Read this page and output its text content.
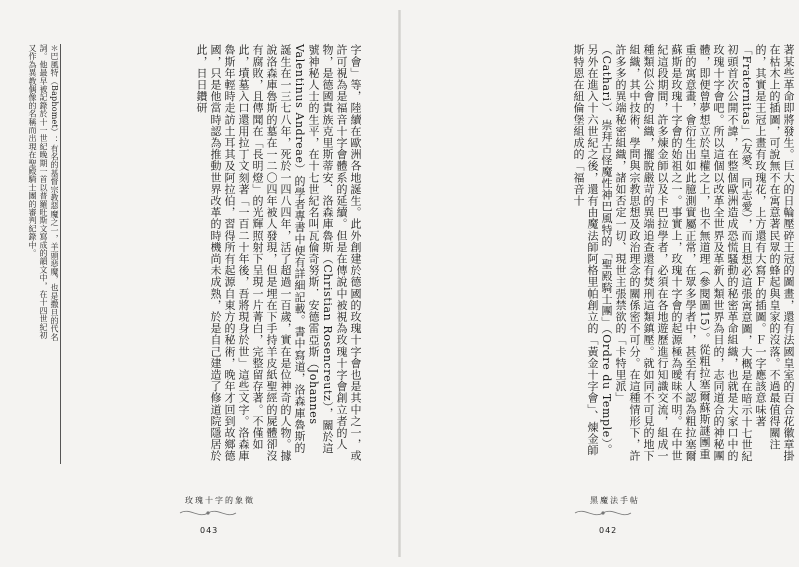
＊巴風特（Baphomet）：有名的基督宗教惡魔之一，羊頭惡魔，也是撒旦的代名詞。他最早被記錄於十一世紀晚期一首以普羅旺斯文寫成的韻文中，在十四世紀初又作為異教偶像的名稱而出現在聖殿騎士團的審判紀錄中。	字會」等，陸續在歐洲各地誕生。此外創建於德國的玫瑰十字會也是其中之一，或許可視為是福音十字會體系的延續。但是在傳說中被視為玫瑰十字會創立者的人物，是德國貴族克里斯蒂安．洛森庫魯斯（Christian Rosencreutz），關於這號神秘人士的生平，在十七世紀名叫瓦倫奇努斯．安德雷亞斯（Johannes Valentinus Andreae）的學者專書中便有詳細記載。書中寫道，洛森庫魯斯的誕生在一三七八年，死於一四八四年，活了超過一百歲，實在是位神奇的人物。據說洛森庫魯斯的墓在一二〇四年被人發現，但是埋在下手持羊皮紙聖經的屍體卻沒有腐敗，且傳聞在「長明燈」的光輝照射下呈現一片菁白，完整留存著。不僅如此，墳墓入口還用拉丁文刻著「一百二十年後，吾將現身於世」這些文字。洛森庫魯斯年輕時走訪土耳其及阿拉伯，習得所有起源自東方的秘術，晚年才回到故鄉德國，只是他當時認為推動世界改革的時機尚未成熟，於是自己建造了修道院隱居於此，日日鑽研
玫瑰十字的象徵
043
著某些革命即將發生。巨大的日輪壓碎王冠的圖畫，還有法國皇室的百合花徽章掛在枯木上的插圖，可說無不在寓意著民眾的蜂起與皇家的沒落。不過最值得關注的，其實是王冠上畫有玫瑰花，上方還有大寫Ｆ的插圖。Ｆ一字應該意味著「Fraternitas」（友愛、同志愛），而且想必這張寓意圖，大概是在暗示十七世紀初頭首次公開不諱，在整個歐洲造成恐慌騷動的秘密革命組織，也就是大家口中的玫瑰十字會吧。所以這個以改革全世界及革新人類世界為目的，志同道合的神秘團體，即便曾夢想立於皇權之上，也不無道理（參閱圖15）。從粗拉塞爾蘇斯謎團重重的寓意畫，會衍生出如此臆測實屬正常，在眾多學者中，甚至有人認為粗拉塞爾蘇斯是玫瑰十字會的始祖之一。事實上，玫瑰十字會的起源極為曖昧不明。在中世紀這段期間，許多煉金師以及卡巴拉學者，必須在各地遊歷進行知識交流，組成一種類似公會的組織，擺脫嚴苛的異端追查還有焚刑這類鎮壓。就如同不可見的地下組織，其中技術、學問與宗教思想及政治理念的關係密不可分。在這種情形下，許許多多的異端秘密組織，諸如否定一切、現世主張禁欲的「卡特里派」（Cathari）、崇拜古怪魔性神巴風特的「聖殿騎士團」（Ordre du Temple）。另外在進入十六世紀之後，還有由魔法師阿格里帕創立的「黃金十字會」、煉金師斯特恩在紐倫堡組成的「福音十
黑魔法手帖
042
